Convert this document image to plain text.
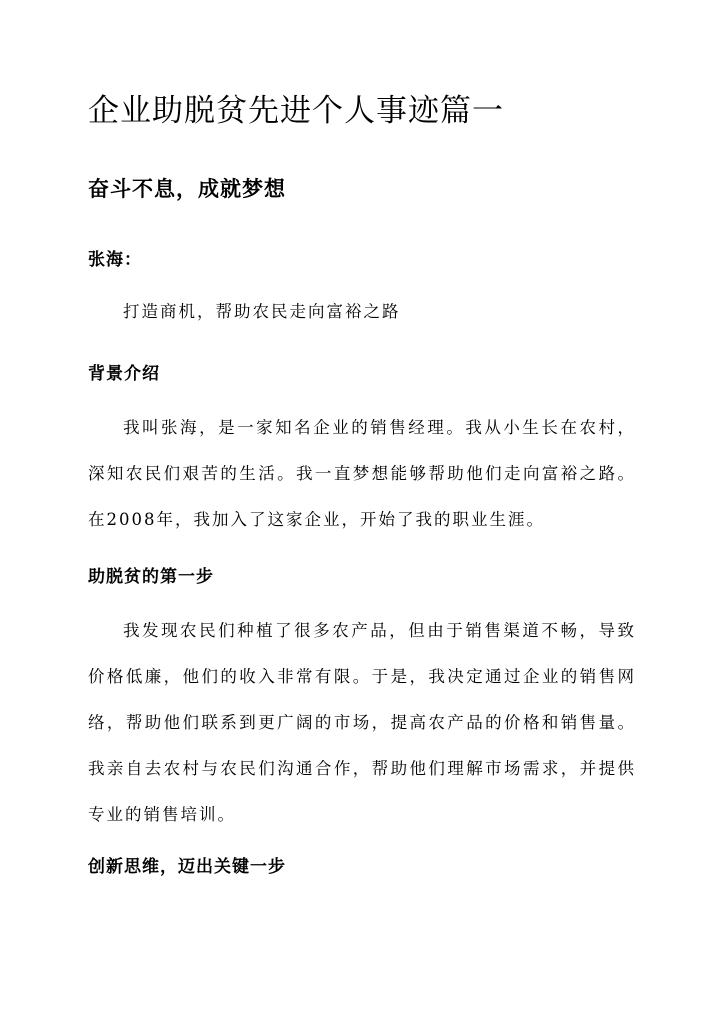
企业助脱贫先进个人事迹篇一
奋斗不息，成就梦想
张海：

打造商机，帮助农民走向富裕之路

背景介绍

我叫张海，是一家知名企业的销售经理。我从小生长在农村，深知农民们艰苦的生活。我一直梦想能够帮助他们走向富裕之路。在2008年，我加入了这家企业，开始了我的职业生涯。

助脱贫的第一步

我发现农民们种植了很多农产品，但由于销售渠道不畅，导致价格低廉，他们的收入非常有限。于是，我决定通过企业的销售网络，帮助他们联系到更广阔的市场，提高农产品的价格和销售量。我亲自去农村与农民们沟通合作，帮助他们理解市场需求，并提供专业的销售培训。

创新思维，迈出关键一步
